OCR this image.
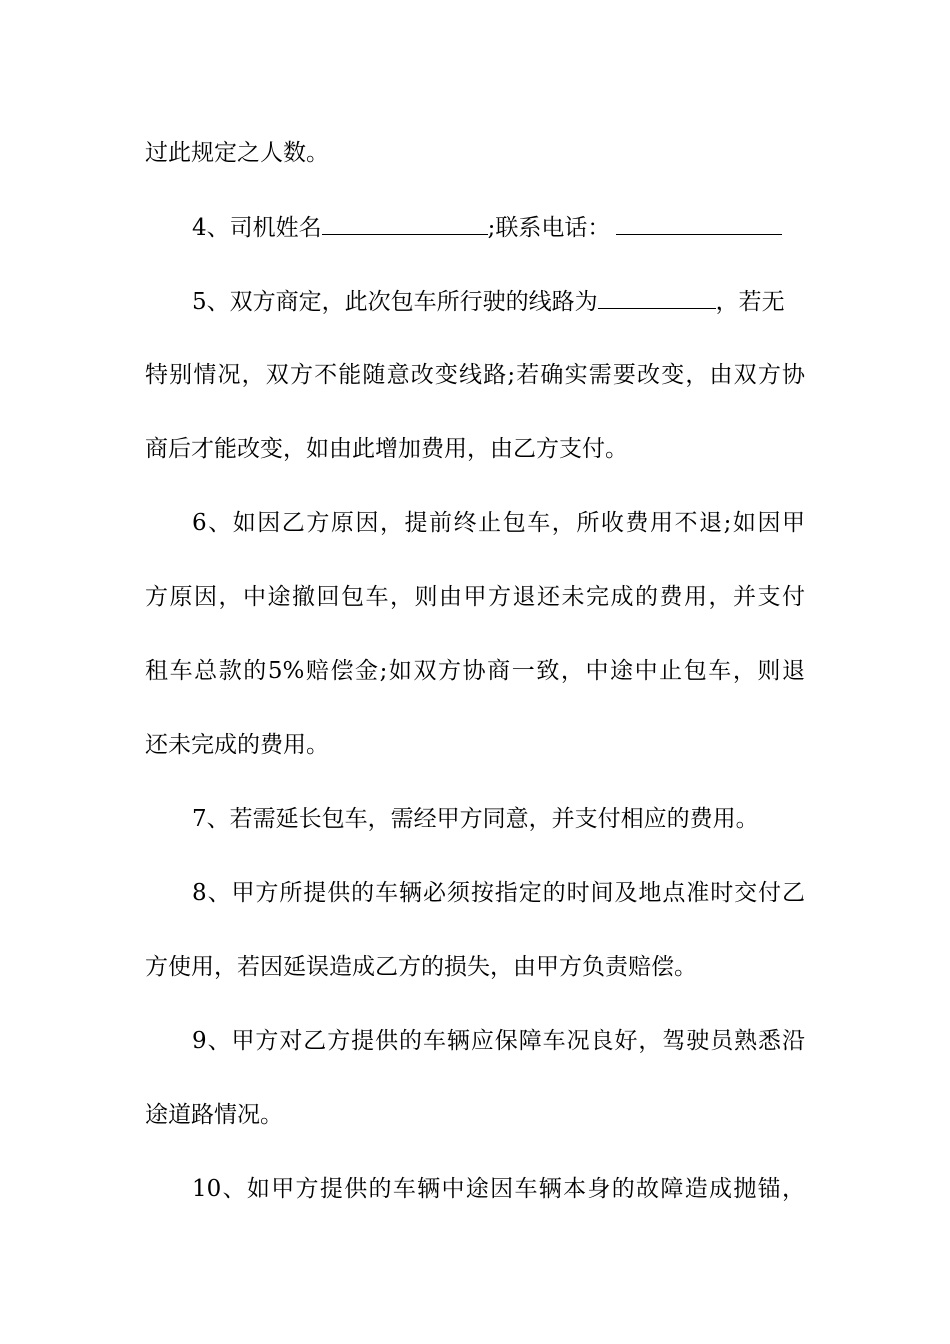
过此规定之人数。
4、司机姓名	;联系电话：
5、双方商定，此次包车所行驶的线路为	，若无
特别情况，双方不能随意改变线路;若确实需要改变，由双方协
商后才能改变，如由此增加费用，由乙方支付。
6、如因乙方原因，提前终止包车，所收费用不退;如因甲
方原因，中途撤回包车，则由甲方退还未完成的费用，并支付
租车总款的5%赔偿金;如双方协商一致，中途中止包车，则退
还未完成的费用。
7、若需延长包车，需经甲方同意，并支付相应的费用。
8、甲方所提供的车辆必须按指定的时间及地点准时交付乙
方使用，若因延误造成乙方的损失，由甲方负责赔偿。
9、甲方对乙方提供的车辆应保障车况良好，驾驶员熟悉沿
途道路情况。
10、如甲方提供的车辆中途因车辆本身的故障造成抛锚，
